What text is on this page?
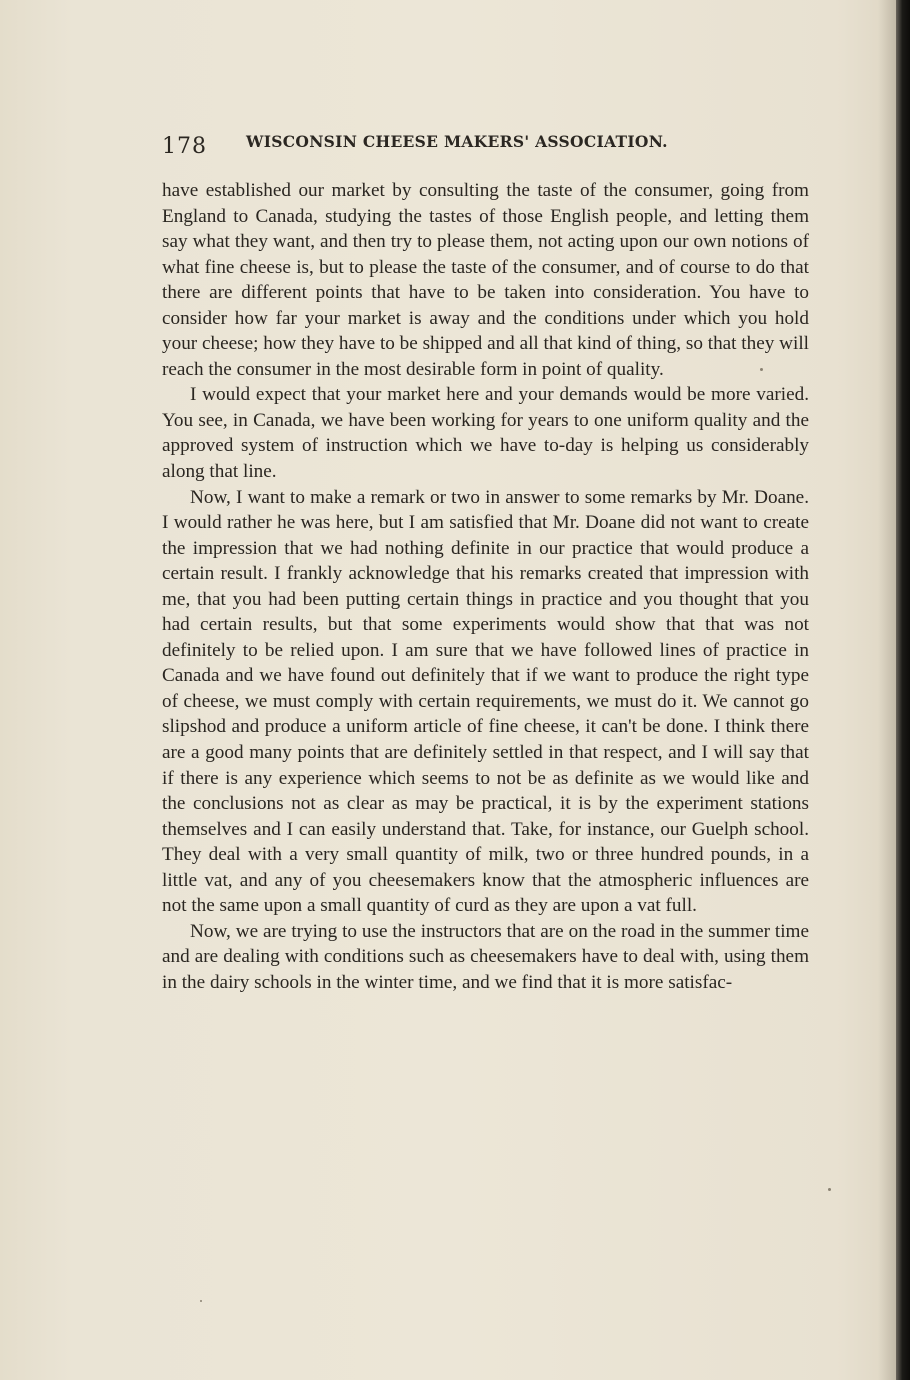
178	WISCONSIN CHEESE MAKERS' ASSOCIATION.

have established our market by consulting the taste of the consumer, going from England to Canada, studying the tastes of those English people, and letting them say what they want, and then try to please them, not acting upon our own notions of what fine cheese is, but to please the taste of the consumer, and of course to do that there are different points that have to be taken into consideration. You have to consider how far your market is away and the conditions under which you hold your cheese; how they have to be shipped and all that kind of thing, so that they will reach the consumer in the most desirable form in point of quality.

I would expect that your market here and your demands would be more varied. You see, in Canada, we have been working for years to one uniform quality and the approved system of instruction which we have to-day is helping us considerably along that line.

Now, I want to make a remark or two in answer to some remarks by Mr. Doane. I would rather he was here, but I am satisfied that Mr. Doane did not want to create the impression that we had nothing definite in our practice that would produce a certain result. I frankly acknowledge that his remarks created that impression with me, that you had been putting certain things in practice and you thought that you had certain results, but that some experiments would show that that was not definitely to be relied upon. I am sure that we have followed lines of practice in Canada and we have found out definitely that if we want to produce the right type of cheese, we must comply with certain requirements, we must do it. We cannot go slipshod and produce a uniform article of fine cheese, it can't be done. I think there are a good many points that are definitely settled in that respect, and I will say that if there is any experience which seems to not be as definite as we would like and the conclusions not as clear as may be practical, it is by the experiment stations themselves and I can easily understand that. Take, for instance, our Guelph school. They deal with a very small quantity of milk, two or three hundred pounds, in a little vat, and any of you cheesemakers know that the atmospheric influences are not the same upon a small quantity of curd as they are upon a vat full.

Now, we are trying to use the instructors that are on the road in the summer time and are dealing with conditions such as cheesemakers have to deal with, using them in the dairy schools in the winter time, and we find that it is more satisfac-
